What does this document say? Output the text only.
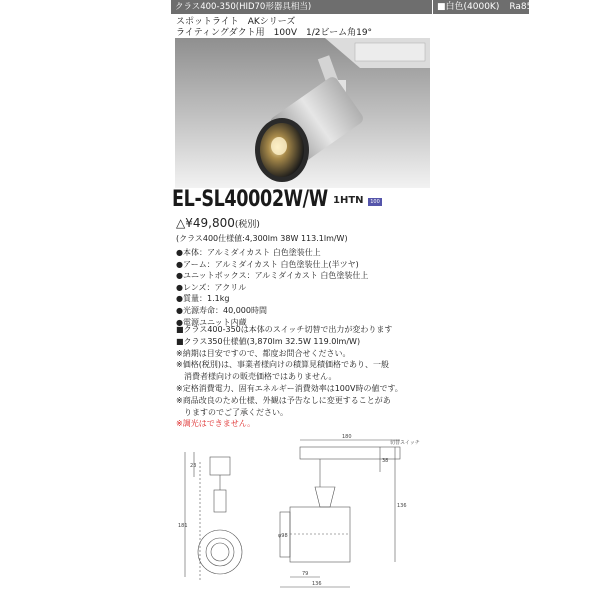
クラス400-350(HID70形器具相当)	■白色(4000K) Ra85
スポットライト　AKシリーズ
ライティングダクト用　100V　1/2ビーム角19°
EL-SL40002W/W 1HTN	100
△¥49,800(税別)
(クラス400仕様値:4,300lm 38W 113.1lm/W)
●本体：アルミダイカスト 白色塗装仕上
●アーム：アルミダイカスト 白色塗装仕上(半ツヤ)
●ユニットボックス：アルミダイカスト 白色塗装仕上
●レンズ：アクリル
●質量：1.1kg
●光源寿命：40,000時間
●電源ユニット内蔵
■クラス400-350は本体のスイッチ切替で出力が変わります
■クラス350仕様値(3,870lm 32.5W 119.0lm/W)
※納期は目安ですので、都度お問合せください。
※価格(税別)は、事業者様向けの積算見積価格であり、一般
　消費者様向けの販売価格ではありません。
※定格消費電力、固有エネルギー消費効率は100V時の値です。
※商品改良のため仕様、外観は予告なしに変更することがあ
　りますのでご了承ください。
※調光はできません。
180
切替スイッチ
23
38
181
136
φ98
79
136
